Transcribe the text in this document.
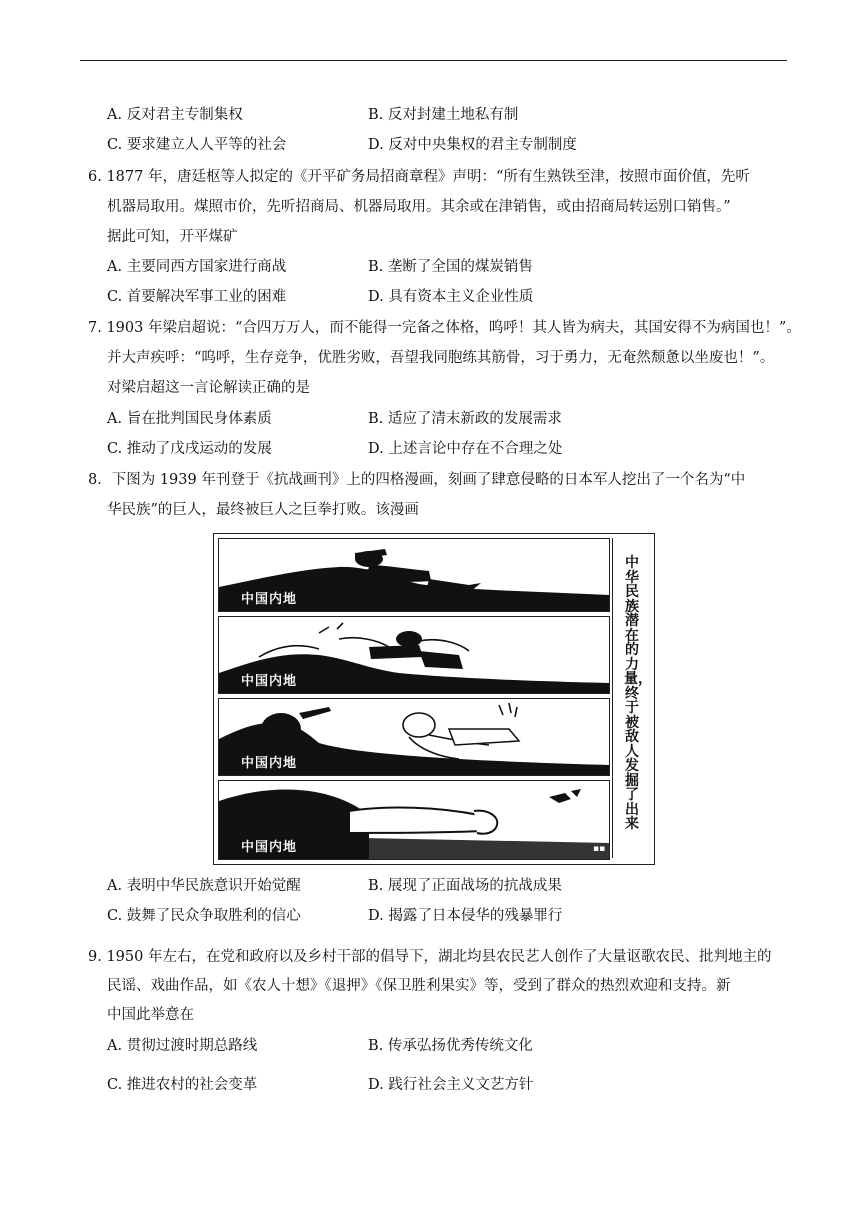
A. 反对君主专制集权	B. 反对封建土地私有制
C. 要求建立人人平等的社会	D. 反对中央集权的君主专制制度
6. 1877 年，唐廷枢等人拟定的《开平矿务局招商章程》声明：“所有生熟铁至津，按照市面价值，先听
机器局取用。煤照市价，先听招商局、机器局取用。其余或在津销售，或由招商局转运别口销售。”
据此可知，开平煤矿
A. 主要同西方国家进行商战	B. 垄断了全国的煤炭销售
C. 首要解决军事工业的困难	D. 具有资本主义企业性质
7. 1903 年梁启超说：“合四万万人，而不能得一完备之体格，呜呼！其人皆为病夫，其国安得不为病国也！”。
并大声疾呼：“呜呼，生存竞争，优胜劣败，吾望我同胞练其筋骨，习于勇力，无奄然颓惫以坐废也！”。
对梁启超这一言论解读正确的是
A. 旨在批判国民身体素质	B. 适应了清末新政的发展需求
C. 推动了戊戌运动的发展	D. 上述言论中存在不合理之处
8．下图为 1939 年刊登于《抗战画刊》上的四格漫画，刻画了肆意侵略的日本军人挖出了一个名为“中
华民族”的巨人，最终被巨人之巨拳打败。该漫画
▪
中国内地
中国内地
中国内地
▪▪
中国内地
中华民族潜在的力量，终于被敌人发掘了出来
A. 表明中华民族意识开始觉醒	B. 展现了正面战场的抗战成果
C. 鼓舞了民众争取胜利的信心	D. 揭露了日本侵华的残暴罪行
9. 1950 年左右，在党和政府以及乡村干部的倡导下，湖北均县农民艺人创作了大量讴歌农民、批判地主的
民谣、戏曲作品，如《农人十想》《退押》《保卫胜利果实》等，受到了群众的热烈欢迎和支持。新
中国此举意在
A. 贯彻过渡时期总路线	B. 传承弘扬优秀传统文化
C. 推进农村的社会变革	D. 践行社会主义文艺方针
